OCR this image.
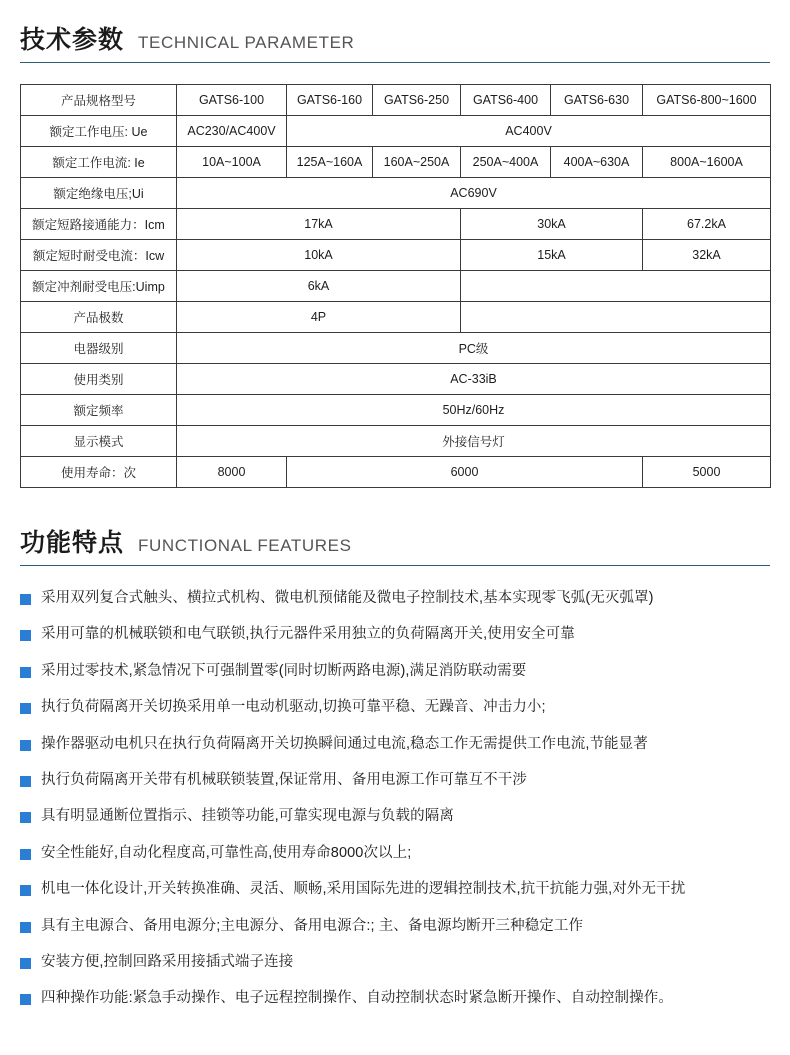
技术参数 TECHNICAL PARAMETER
产品规格型号	GATS6-100	GATS6-160	GATS6-250	GATS6-400	GATS6-630	GATS6-800~1600
额定工作电压: Ue	AC230/AC400V	AC400V				
额定工作电流: Ie	10A~100A	125A~160A	160A~250A	250A~400A	400A~630A	800A~1600A
额定绝缘电压;Ui	AC690V					
额定短路接通能力：Icm	17kA			30kA		67.2kA
额定短时耐受电流：Icw	10kA			15kA		32kA
额定冲剂耐受电压:Uimp	6kA					
产品极数	4P					
电器级别	PC级					
使用类别	AC-33iB					
额定频率	50Hz/60Hz					
显示模式	外接信号灯					
使用寿命：次	8000	6000				5000
功能特点 FUNCTIONAL FEATURES
采用双列复合式触头、横拉式机构、微电机预储能及微电子控制技术,基本实现零飞弧(无灭弧罩)
采用可靠的机械联锁和电气联锁,执行元器件采用独立的负荷隔离开关,使用安全可靠
采用过零技术,紧急情况下可强制置零(同时切断两路电源),满足消防联动需要
执行负荷隔离开关切换采用单一电动机驱动,切换可靠平稳、无躁音、冲击力小;
操作器驱动电机只在执行负荷隔离开关切换瞬间通过电流,稳态工作无需提供工作电流,节能显著
执行负荷隔离开关带有机械联锁装置,保证常用、备用电源工作可靠互不干涉
具有明显通断位置指示、挂锁等功能,可靠实现电源与负载的隔离
安全性能好,自动化程度高,可靠性高,使用寿命8000次以上;
机电一体化设计,开关转换准确、灵活、顺畅,采用国际先进的逻辑控制技术,抗干抗能力强,对外无干扰
具有主电源合、备用电源分;主电源分、备用电源合:; 主、备电源均断开三种稳定工作
安装方便,控制回路采用接插式端子连接
四种操作功能:紧急手动操作、电子远程控制操作、自动控制状态时紧急断开操作、自动控制操作。
